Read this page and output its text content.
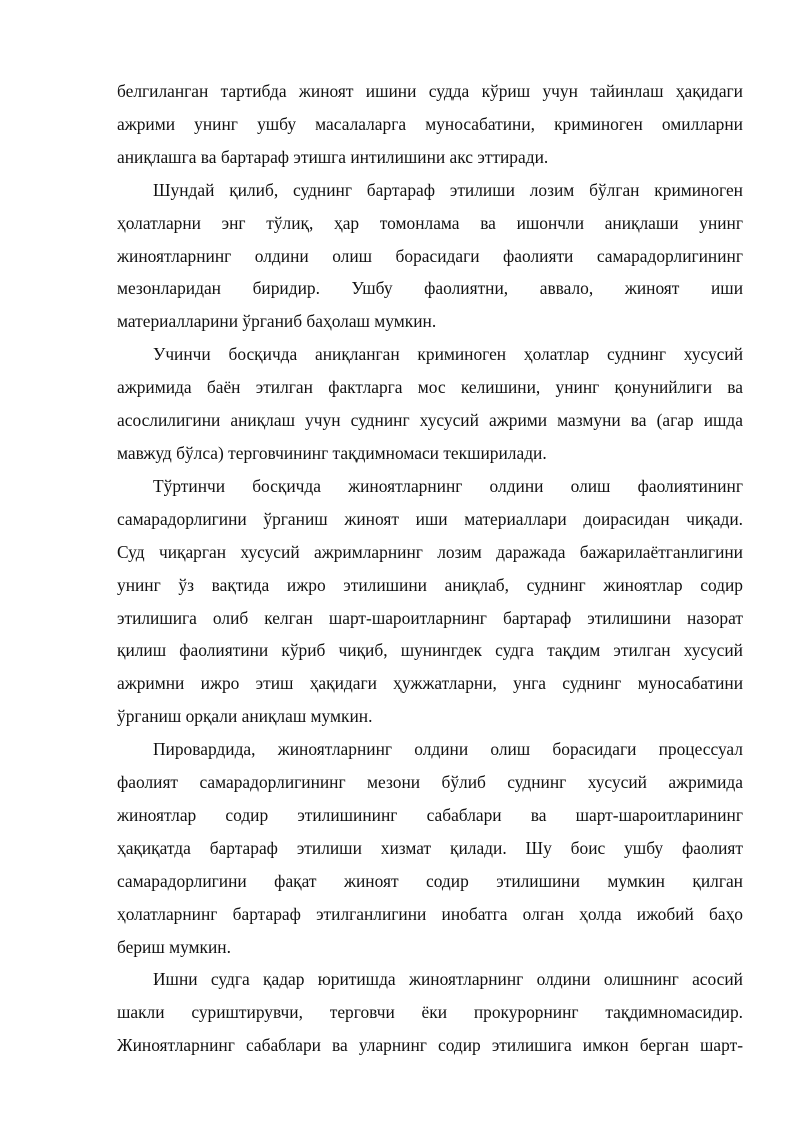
белгиланган тартибда жиноят ишини судда кўриш учун тайинлаш ҳақидаги
ажрими унинг ушбу масалаларга муносабатини, криминоген омилларни
аниқлашга ва бартараф этишга интилишини акс эттиради.
Шундай қилиб, суднинг бартараф этилиши лозим бўлган криминоген
ҳолатларни энг тўлиқ, ҳар томонлама ва ишончли аниқлаши унинг
жиноятларнинг олдини олиш борасидаги фаолияти самарадорлигининг
мезонларидан биридир. Ушбу фаолиятни, аввало, жиноят иши
материалларини ўрганиб баҳолаш мумкин.
Учинчи босқичда аниқланган криминоген ҳолатлар суднинг хусусий
ажримида баён этилган фактларга мос келишини, унинг қонунийлиги ва
асослилигини аниқлаш учун суднинг хусусий ажрими мазмуни ва (агар ишда
мавжуд бўлса) терговчининг тақдимномаси текширилади.
Тўртинчи босқичда жиноятларнинг олдини олиш фаолиятининг
самарадорлигини ўрганиш жиноят иши материаллари доирасидан чиқади.
Суд чиқарган хусусий ажримларнинг лозим даражада бажарилаётганлигини
унинг ўз вақтида ижро этилишини аниқлаб, суднинг жиноятлар содир
этилишига олиб келган шарт-шароитларнинг бартараф этилишини назорат
қилиш фаолиятини кўриб чиқиб, шунингдек судга тақдим этилган хусусий
ажримни ижро этиш ҳақидаги ҳужжатларни, унга суднинг муносабатини
ўрганиш орқали аниқлаш мумкин.
Пировардида, жиноятларнинг олдини олиш борасидаги процессуал
фаолият самарадорлигининг мезони бўлиб суднинг хусусий ажримида
жиноятлар содир этилишининг сабаблари ва шарт-шароитларининг
ҳақиқатда бартараф этилиши хизмат қилади. Шу боис ушбу фаолият
самарадорлигини фақат жиноят содир этилишини мумкин қилган
ҳолатларнинг бартараф этилганлигини инобатга олган ҳолда ижобий баҳо
бериш мумкин.
Ишни судга қадар юритишда жиноятларнинг олдини олишнинг асосий
шакли суриштирувчи, терговчи ёки прокурорнинг тақдимномасидир.
Жиноятларнинг сабаблари ва уларнинг содир этилишига имкон берган шарт-
